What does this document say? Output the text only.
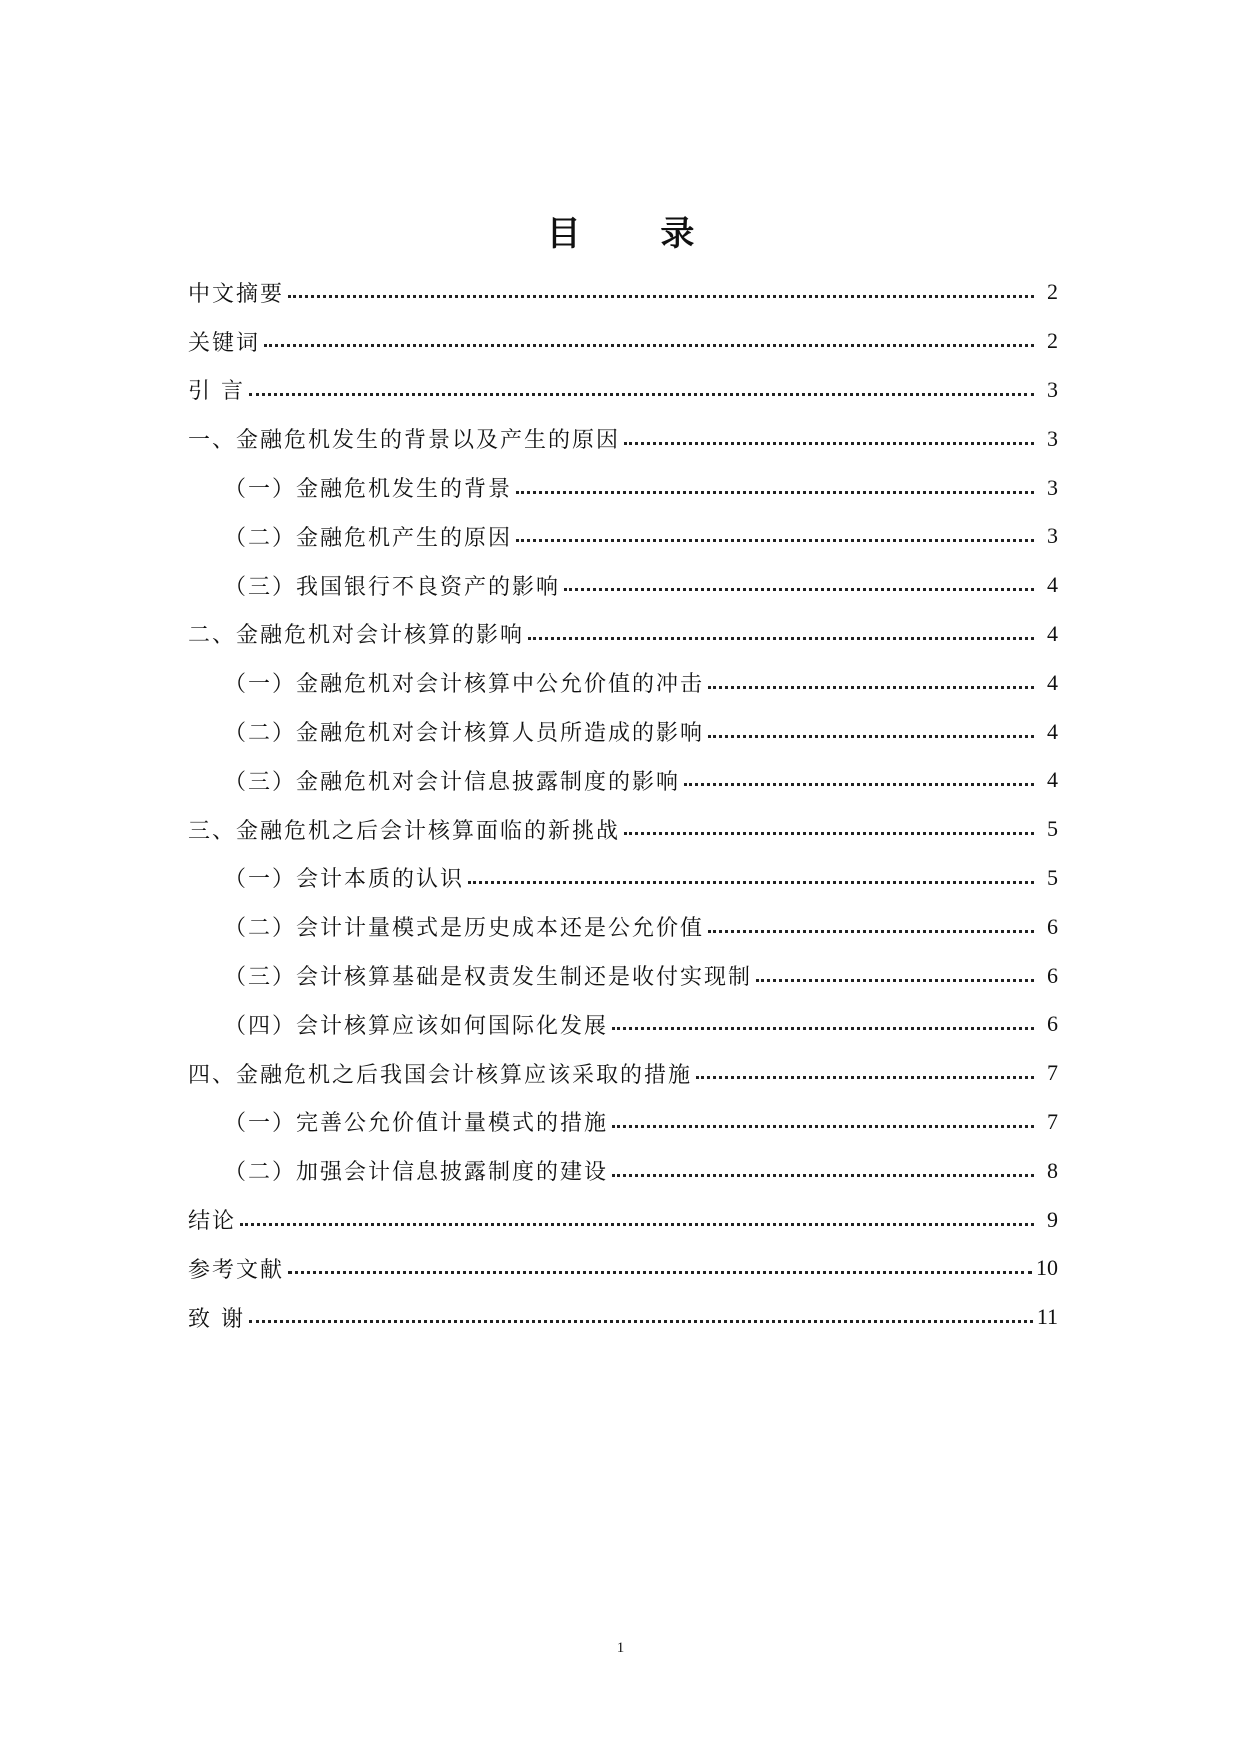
目 录
中文摘要	2
关键词	2
引 言	3
一、金融危机发生的背景以及产生的原因	3
（一）金融危机发生的背景	3
（二）金融危机产生的原因	3
（三）我国银行不良资产的影响	4
二、金融危机对会计核算的影响	4
（一）金融危机对会计核算中公允价值的冲击	4
（二）金融危机对会计核算人员所造成的影响	4
（三）金融危机对会计信息披露制度的影响	4
三、金融危机之后会计核算面临的新挑战	5
（一）会计本质的认识	5
（二）会计计量模式是历史成本还是公允价值	6
（三）会计核算基础是权责发生制还是收付实现制	6
（四）会计核算应该如何国际化发展	6
四、金融危机之后我国会计核算应该采取的措施	7
（一）完善公允价值计量模式的措施	7
（二）加强会计信息披露制度的建设	8
结论	9
参考文献	10
致 谢	11
1
